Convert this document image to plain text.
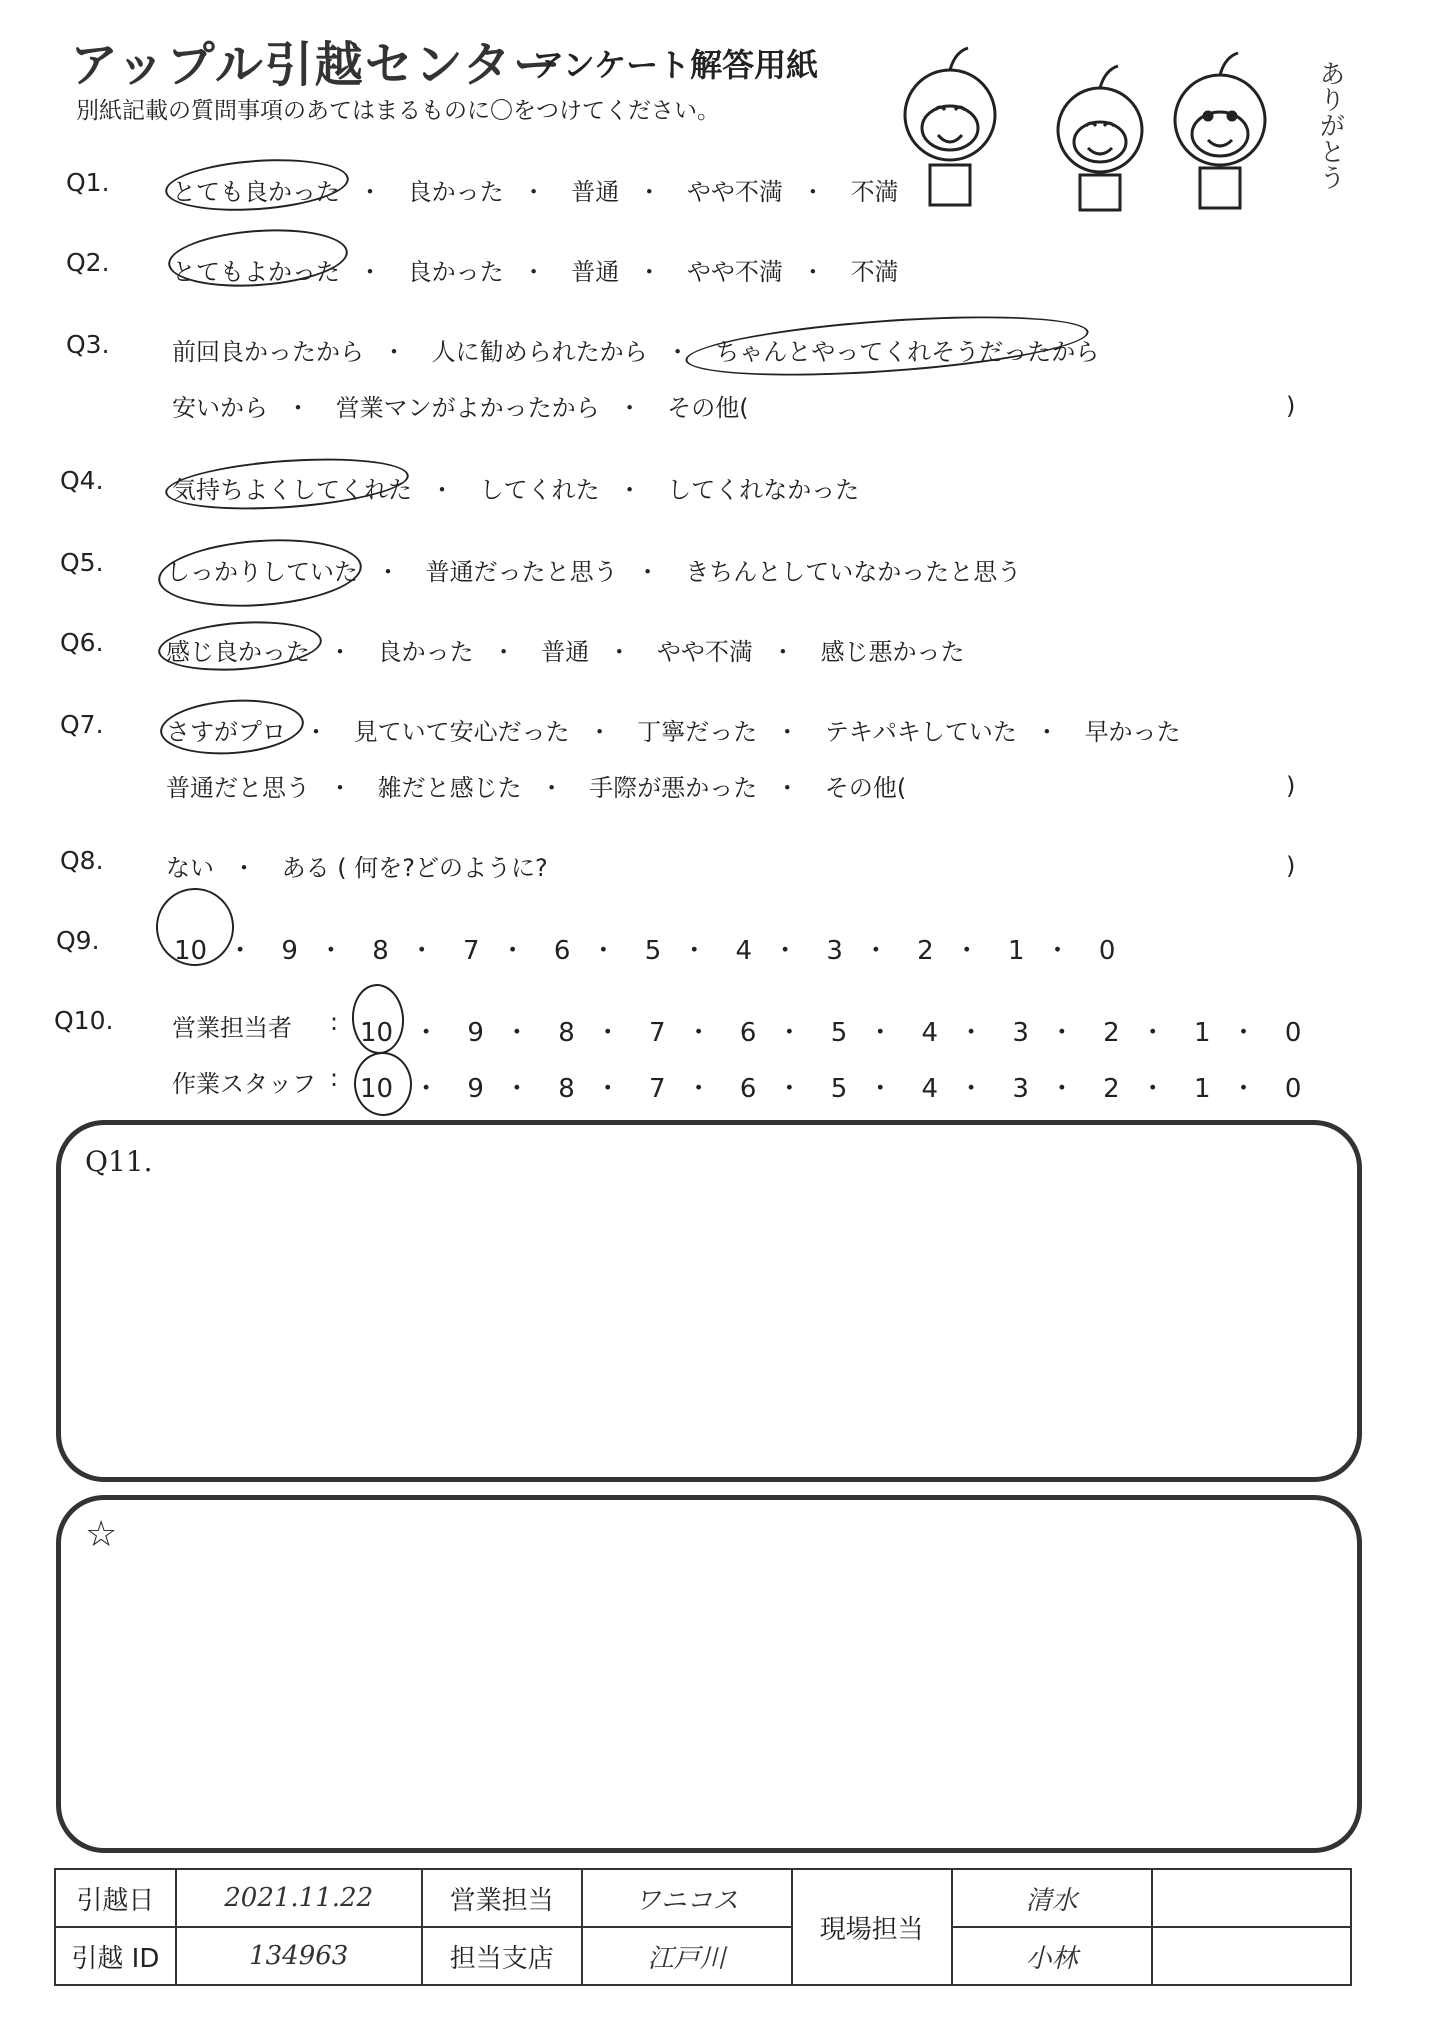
アップル引越センター
アンケート解答用紙
別紙記載の質問事項のあてはまるものに〇をつけてください。	ありがとう
Q1.	とても良かった ・ 良かった ・ 普通 ・ やや不満 ・ 不満
Q2.	とてもよかった ・ 良かった ・ 普通 ・ やや不満 ・ 不満
Q3.	前回良かったから ・ 人に勧められたから ・ ちゃんとやってくれそうだったから
安いから ・ 営業マンがよかったから ・ その他(	)
Q4.	気持ちよくしてくれた ・ してくれた ・ してくれなかった
Q5.	しっかりしていた ・ 普通だったと思う ・ きちんとしていなかったと思う
Q6.	感じ良かった ・ 良かった ・ 普通 ・ やや不満 ・ 感じ悪かった
Q7.	さすがプロ ・ 見ていて安心だった ・ 丁寧だった ・ テキパキしていた ・ 早かった
普通だと思う ・ 雑だと感じた ・ 手際が悪かった ・ その他(	)
Q8.	ない ・ ある ( 何を?どのように?	)
Q9.	10 ・ 9 ・ 8 ・ 7 ・ 6 ・ 5 ・ 4 ・ 3 ・ 2 ・ 1 ・ 0
Q10. 営業担当者 : 10 ・ 9 ・ 8 ・ 7 ・ 6 ・ 5 ・ 4 ・ 3 ・ 2 ・ 1 ・ 0
作業スタッフ : 10 ・ 9 ・ 8 ・ 7 ・ 6 ・ 5 ・ 4 ・ 3 ・ 2 ・ 1 ・ 0
Q11.
☆
引越日	2021.11.22	営業担当	ワニコス	現場担当	清水	
引越 ID	134963	担当支店	江戸川		小林	
